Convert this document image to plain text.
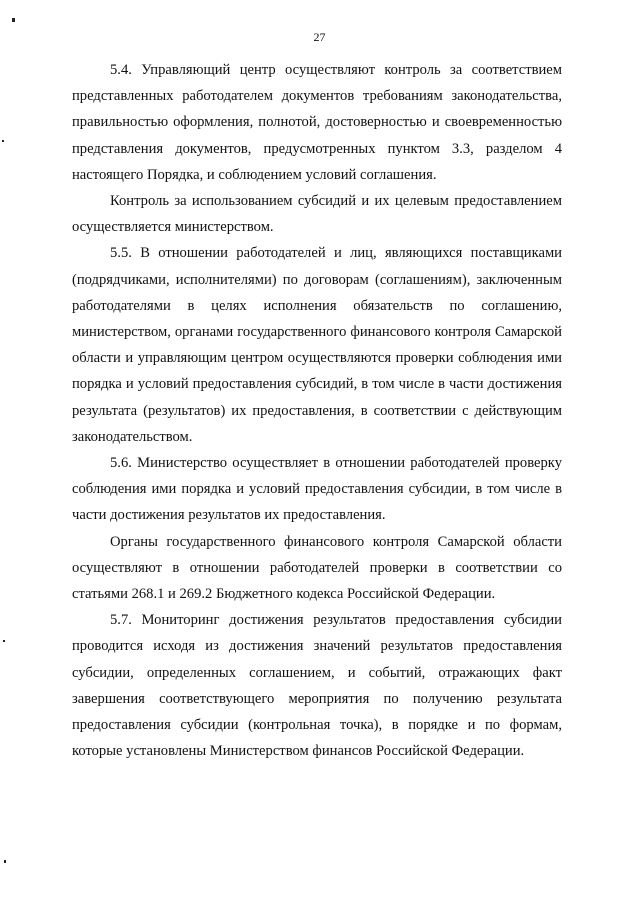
27

5.4. Управляющий центр осуществляют контроль за соответствием представленных работодателем документов требованиям законодательства, правильностью оформления, полнотой, достоверностью и своевременностью представления документов, предусмотренных пунктом 3.3, разделом 4 настоящего Порядка, и соблюдением условий соглашения.

Контроль за использованием субсидий и их целевым предоставлением осуществляется министерством.

5.5. В отношении работодателей и лиц, являющихся поставщиками (подрядчиками, исполнителями) по договорам (соглашениям), заключенным работодателями в целях исполнения обязательств по соглашению, министерством, органами государственного финансового контроля Самарской области и управляющим центром осуществляются проверки соблюдения ими порядка и условий предоставления субсидий, в том числе в части достижения результата (результатов) их предоставления, в соответствии с действующим законодательством.

5.6. Министерство осуществляет в отношении работодателей проверку соблюдения ими порядка и условий предоставления субсидии, в том числе в части достижения результатов их предоставления.

Органы государственного финансового контроля Самарской области осуществляют в отношении работодателей проверки в соответствии со статьями 268.1 и 269.2 Бюджетного кодекса Российской Федерации.

5.7. Мониторинг достижения результатов предоставления субсидии проводится исходя из достижения значений результатов предоставления субсидии, определенных соглашением, и событий, отражающих факт завершения соответствующего мероприятия по получению результата предоставления субсидии (контрольная точка), в порядке и по формам, которые установлены Министерством финансов Российской Федерации.
